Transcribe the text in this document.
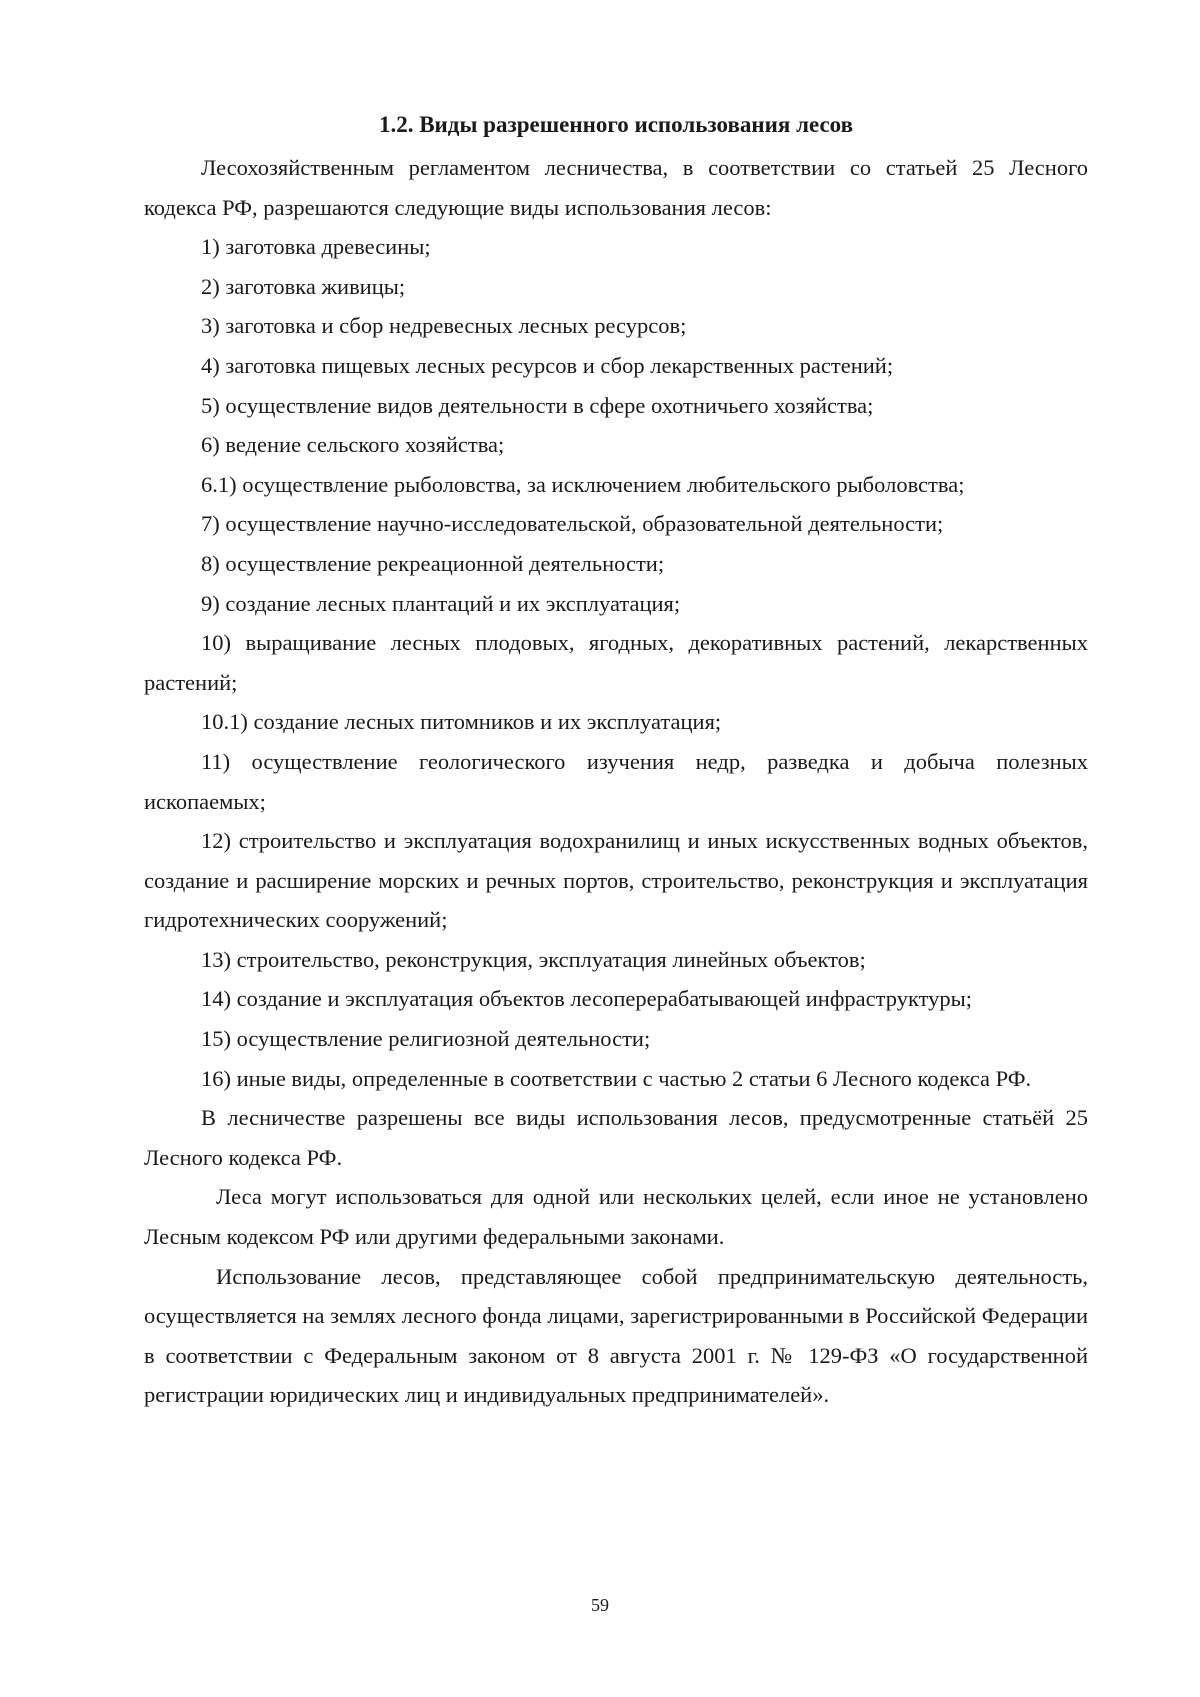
1.2. Виды разрешенного использования лесов

Лесохозяйственным регламентом лесничества, в соответствии со статьей 25 Лесного кодекса РФ, разрешаются следующие виды использования лесов:

1) заготовка древесины;

2) заготовка живицы;

3) заготовка и сбор недревесных лесных ресурсов;

4) заготовка пищевых лесных ресурсов и сбор лекарственных растений;

5) осуществление видов деятельности в сфере охотничьего хозяйства;

6) ведение сельского хозяйства;

6.1) осуществление рыболовства, за исключением любительского рыболовства;

7) осуществление научно-исследовательской, образовательной деятельности;

8) осуществление рекреационной деятельности;

9) создание лесных плантаций и их эксплуатация;

10) выращивание лесных плодовых, ягодных, декоративных растений, лекарственных растений;

10.1) создание лесных питомников и их эксплуатация;

11) осуществление геологического изучения недр, разведка и добыча полезных ископаемых;

12) строительство и эксплуатация водохранилищ и иных искусственных водных объектов, создание и расширение морских и речных портов, строительство, реконструкция и эксплуатация гидротехнических сооружений;

13) строительство, реконструкция, эксплуатация линейных объектов;

14) создание и эксплуатация объектов лесоперерабатывающей инфраструктуры;

15) осуществление религиозной деятельности;

16) иные виды, определенные в соответствии с частью 2 статьи 6 Лесного кодекса РФ.

В лесничестве разрешены все виды использования лесов, предусмотренные статьёй 25 Лесного кодекса РФ.

Леса могут использоваться для одной или нескольких целей, если иное не установлено Лесным кодексом РФ или другими федеральными законами.

Использование лесов, представляющее собой предпринимательскую деятельность, осуществляется на землях лесного фонда лицами, зарегистрированными в Российской Федерации в соответствии с Федеральным законом от 8 августа 2001 г. № 129-ФЗ «О государственной регистрации юридических лиц и индивидуальных предпринимателей».

59
